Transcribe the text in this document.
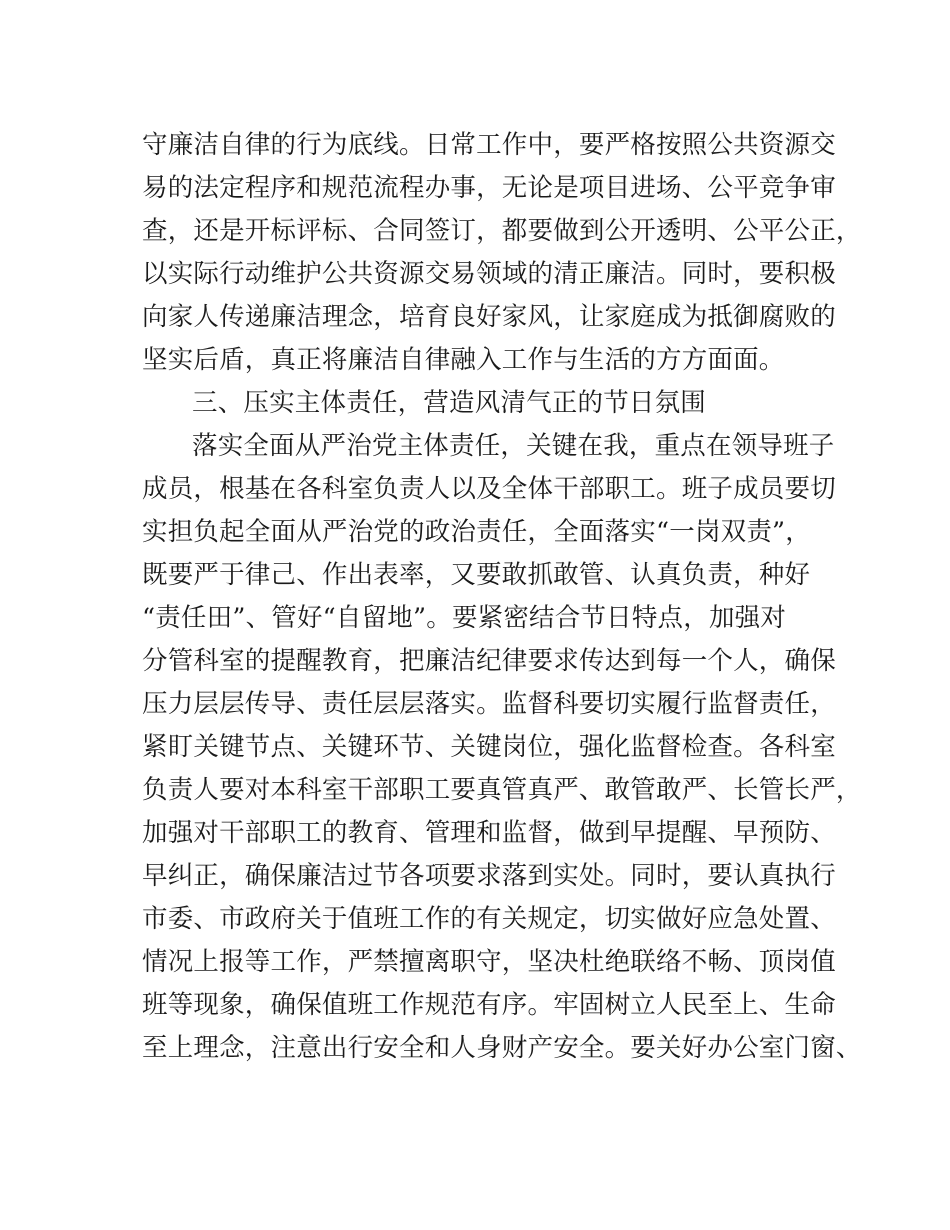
守廉洁自律的行为底线。日常工作中，要严格按照公共资源交
易的法定程序和规范流程办事，无论是项目进场、公平竞争审
查，还是开标评标、合同签订，都要做到公开透明、公平公正，
以实际行动维护公共资源交易领域的清正廉洁。同时，要积极
向家人传递廉洁理念，培育良好家风，让家庭成为抵御腐败的
坚实后盾，真正将廉洁自律融入工作与生活的方方面面。
三、压实主体责任，营造风清气正的节日氛围
落实全面从严治党主体责任，关键在我，重点在领导班子
成员，根基在各科室负责人以及全体干部职工。班子成员要切
实担负起全面从严治党的政治责任，全面落实“一岗双责”，
既要严于律己、作出表率，又要敢抓敢管、认真负责，种好
“责任田”、管好“自留地”。要紧密结合节日特点，加强对
分管科室的提醒教育，把廉洁纪律要求传达到每一个人，确保
压力层层传导、责任层层落实。监督科要切实履行监督责任，
紧盯关键节点、关键环节、关键岗位，强化监督检查。各科室
负责人要对本科室干部职工要真管真严、敢管敢严、长管长严，
加强对干部职工的教育、管理和监督，做到早提醒、早预防、
早纠正，确保廉洁过节各项要求落到实处。同时，要认真执行
市委、市政府关于值班工作的有关规定，切实做好应急处置、
情况上报等工作，严禁擅离职守，坚决杜绝联络不畅、顶岗值
班等现象，确保值班工作规范有序。牢固树立人民至上、生命
至上理念，注意出行安全和人身财产安全。要关好办公室门窗、
